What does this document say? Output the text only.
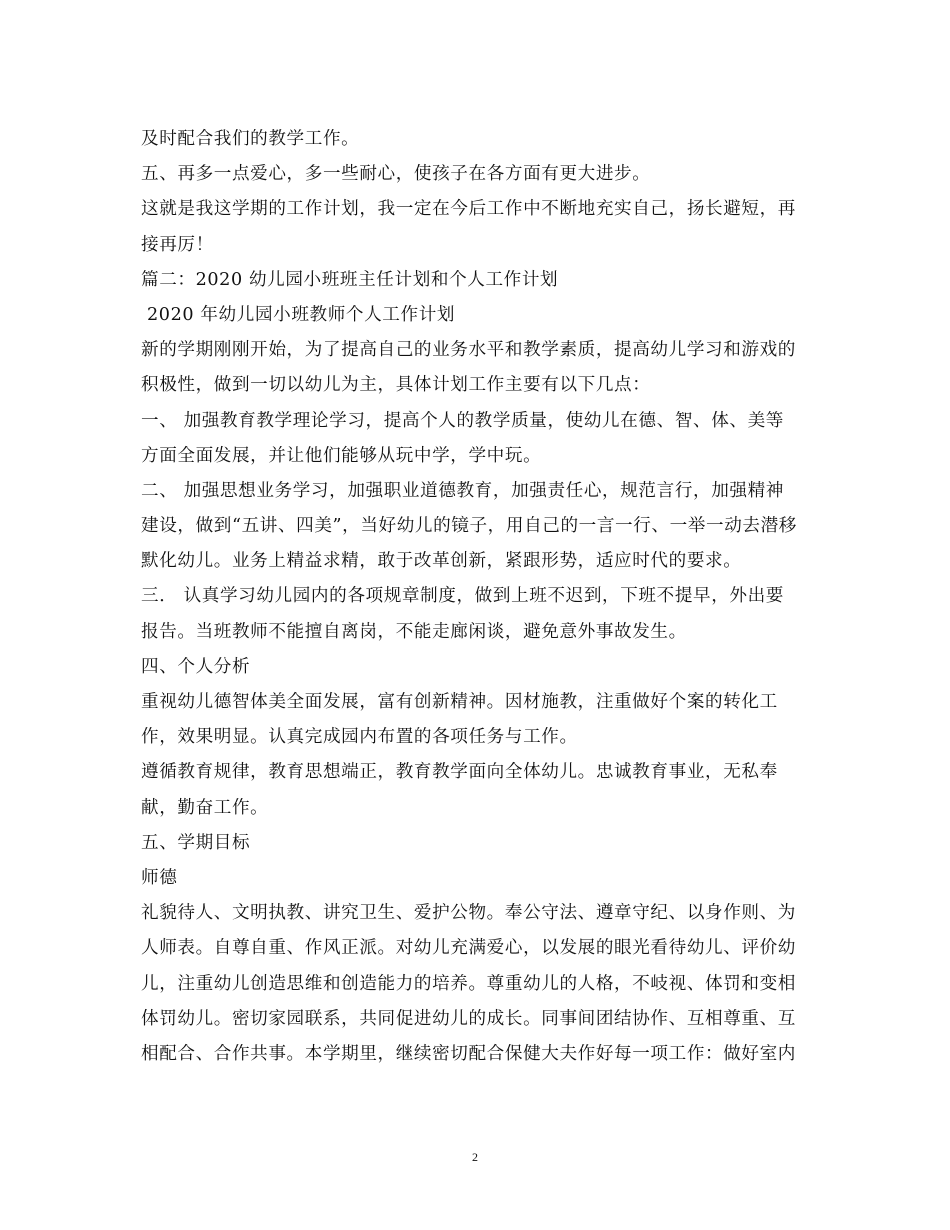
及时配合我们的教学工作。
五、再多一点爱心，多一些耐心，使孩子在各方面有更大进步。
这就是我这学期的工作计划，我一定在今后工作中不断地充实自己，扬长避短，再
接再厉！
篇二：2020 幼儿园小班班主任计划和个人工作计划
2020 年幼儿园小班教师个人工作计划
新的学期刚刚开始，为了提高自己的业务水平和教学素质，提高幼儿学习和游戏的
积极性，做到一切以幼儿为主，具体计划工作主要有以下几点：
一、 加强教育教学理论学习，提高个人的教学质量，使幼儿在德、智、体、美等
方面全面发展，并让他们能够从玩中学，学中玩。
二、 加强思想业务学习，加强职业道德教育，加强责任心，规范言行，加强精神
建设，做到“五讲、四美”，当好幼儿的镜子，用自己的一言一行、一举一动去潜移
默化幼儿。业务上精益求精，敢于改革创新，紧跟形势，适应时代的要求。
三． 认真学习幼儿园内的各项规章制度，做到上班不迟到，下班不提早，外出要
报告。当班教师不能擅自离岗，不能走廊闲谈，避免意外事故发生。
四、个人分析
重视幼儿德智体美全面发展，富有创新精神。因材施教，注重做好个案的转化工
作，效果明显。认真完成园内布置的各项任务与工作。
遵循教育规律，教育思想端正，教育教学面向全体幼儿。忠诚教育事业，无私奉
献，勤奋工作。
五、学期目标
师德
礼貌待人、文明执教、讲究卫生、爱护公物。奉公守法、遵章守纪、以身作则、为
人师表。自尊自重、作风正派。对幼儿充满爱心，以发展的眼光看待幼儿、评价幼
儿，注重幼儿创造思维和创造能力的培养。尊重幼儿的人格，不岐视、体罚和变相
体罚幼儿。密切家园联系，共同促进幼儿的成长。同事间团结协作、互相尊重、互
相配合、合作共事。本学期里，继续密切配合保健大夫作好每一项工作：做好室内
2
